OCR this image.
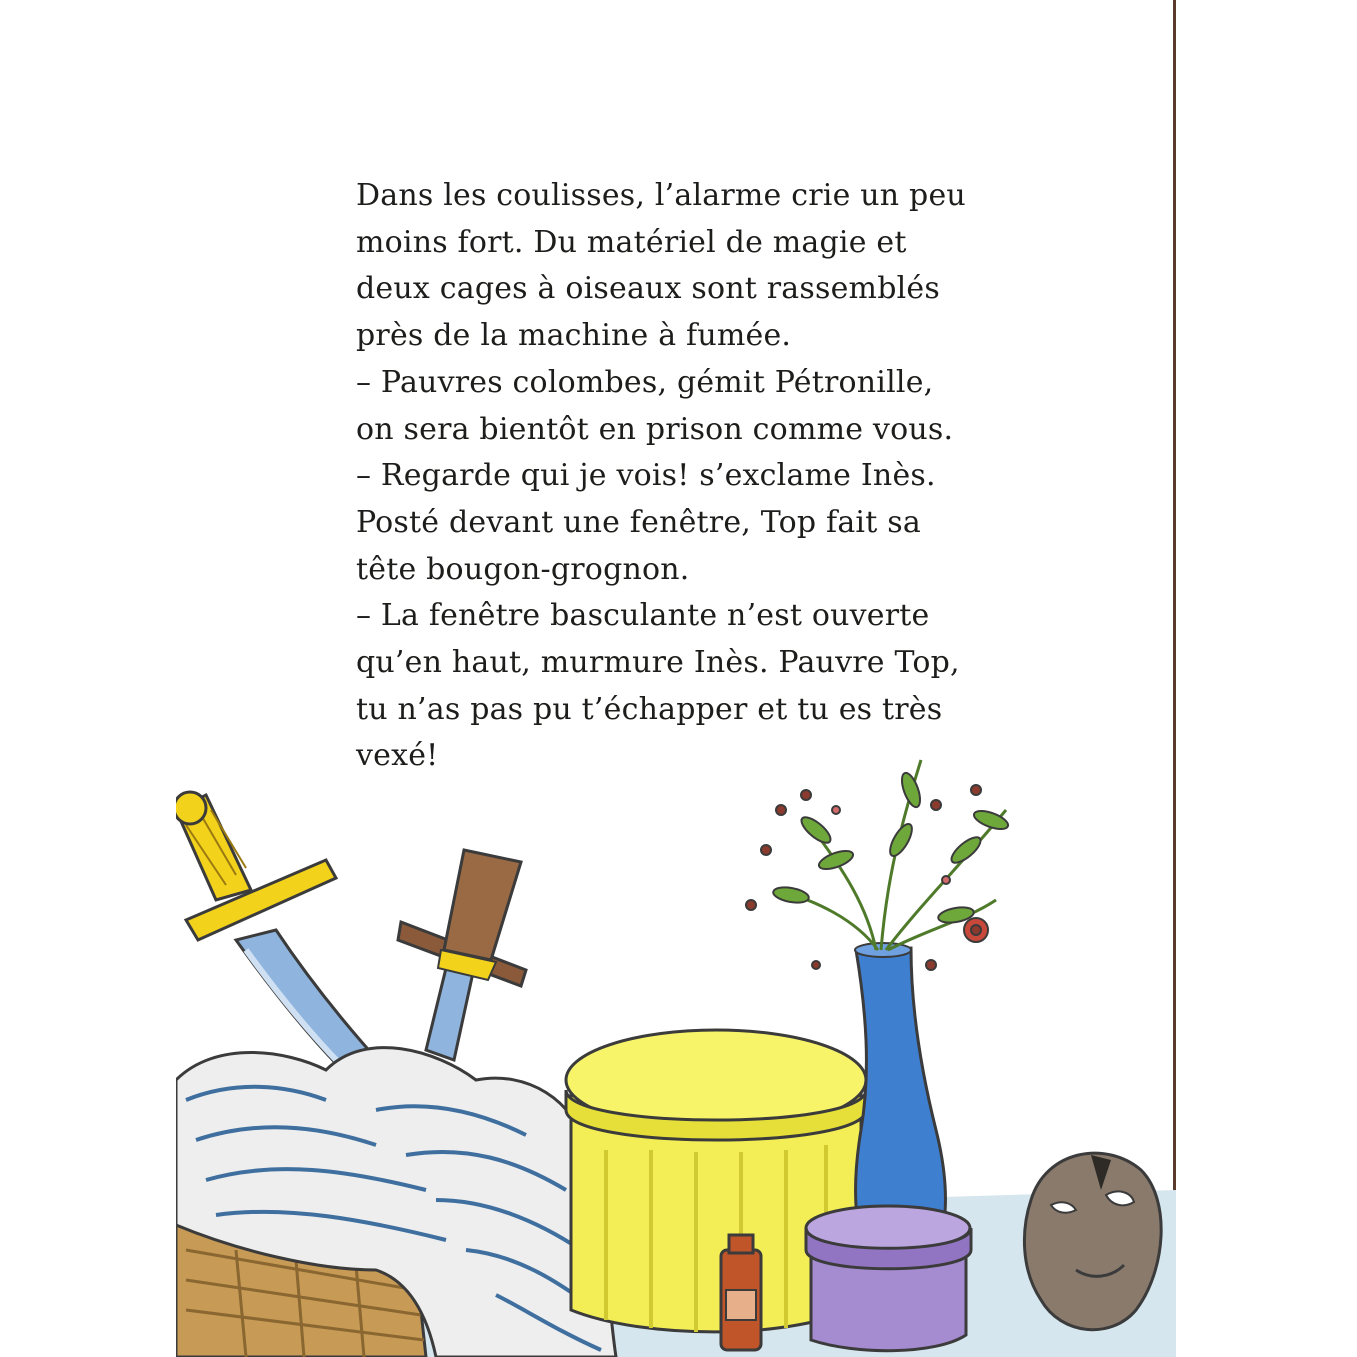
Dans les coulisses, l’alarme crie un peu

moins fort. Du matériel de magie et

deux cages à oiseaux sont rassemblés

près de la machine à fumée.

– Pauvres colombes, gémit Pétronille,

on sera bientôt en prison comme vous.

– Regarde qui je vois! s’exclame Inès.

Posté devant une fenêtre, Top fait sa

tête bougon-grognon.

– La fenêtre basculante n’est ouverte

qu’en haut, murmure Inès. Pauvre Top,

tu n’as pas pu t’échapper et tu es très

vexé!
